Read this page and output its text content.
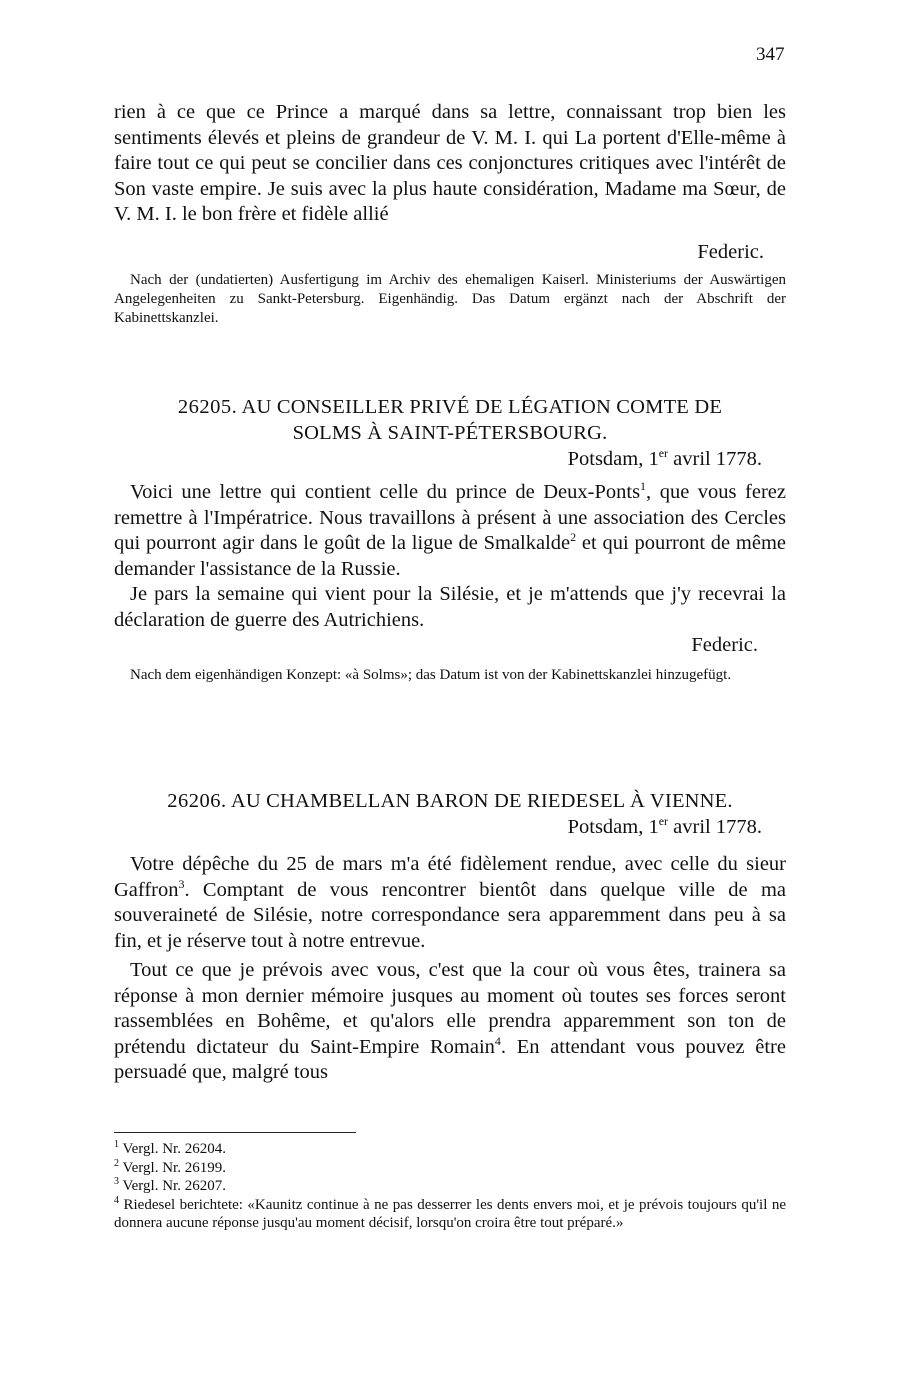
347

rien à ce que ce Prince a marqué dans sa lettre, connaissant trop bien les sentiments élevés et pleins de grandeur de V. M. I. qui La portent d'Elle-même à faire tout ce qui peut se concilier dans ces conjonctures critiques avec l'intérêt de Son vaste empire. Je suis avec la plus haute considération, Madame ma Sœur, de V. M. I. le bon frère et fidèle allié

Federic.

Nach der (undatierten) Ausfertigung im Archiv des ehemaligen Kaiserl. Ministeriums der Auswärtigen Angelegenheiten zu Sankt-Petersburg. Eigenhändig. Das Datum ergänzt nach der Abschrift der Kabinettskanzlei.

26205. AU CONSEILLER PRIVÉ DE LÉGATION COMTE DE
SOLMS À SAINT-PÉTERSBOURG.
Potsdam, 1er avril 1778.

Voici une lettre qui contient celle du prince de Deux-Ponts$^1$, que vous ferez remettre à l'Impératrice. Nous travaillons à présent à une association des Cercles qui pourront agir dans le goût de la ligue de Smalkalde$^2$ et qui pourront de même demander l'assistance de la Russie.

Je pars la semaine qui vient pour la Silésie, et je m'attends que j'y recevrai la déclaration de guerre des Autrichiens.

Federic.

Nach dem eigenhändigen Konzept: «à Solms»; das Datum ist von der Kabinettskanzlei hinzugefügt.

26206. AU CHAMBELLAN BARON DE RIEDESEL À VIENNE.
Potsdam, 1er avril 1778.

Votre dépêche du 25 de mars m'a été fidèlement rendue, avec celle du sieur Gaffron$^3$. Comptant de vous rencontrer bientôt dans quelque ville de ma souveraineté de Silésie, notre correspondance sera apparemment dans peu à sa fin, et je réserve tout à notre entrevue.

Tout ce que je prévois avec vous, c'est que la cour où vous êtes, trainera sa réponse à mon dernier mémoire jusques au moment où toutes ses forces seront rassemblées en Bohême, et qu'alors elle prendra apparemment son ton de prétendu dictateur du Saint-Empire Romain$^4$. En attendant vous pouvez être persuadé que, malgré tous

$^1$ Vergl. Nr. 26204.

$^2$ Vergl. Nr. 26199.

$^3$ Vergl. Nr. 26207.

$^4$ Riedesel berichtete: «Kaunitz continue à ne pas desserrer les dents envers moi, et je prévois toujours qu'il ne donnera aucune réponse jusqu'au moment décisif, lorsqu'on croira être tout préparé.»
